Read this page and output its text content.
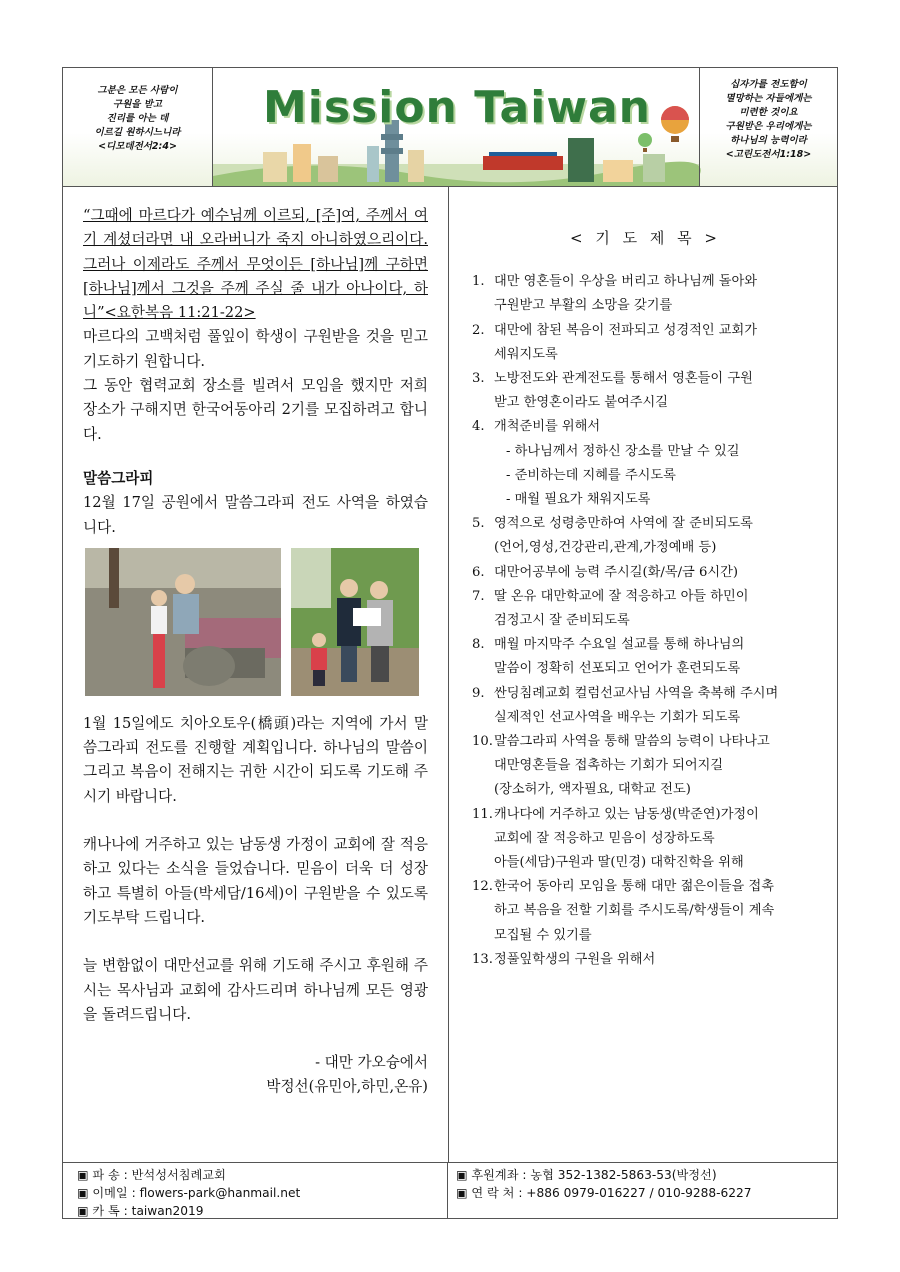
그분은 모든 사람이
구원을 받고
진리를 아는 데
이르길 원하시느니라
<디모데전서2:4>
Mission Taiwan	십자가를 전도함이
멸망하는 자들에게는
미련한 것이요
구원받은 우리에게는
하나님의 능력이라
<고린도전서1:18>

“그때에 마르다가 예수님께 이르되, [주]여, 주께서 여기 계셨더라면 내 오라버니가 죽지 아니하였으리이다. 그러나 이제라도 주께서 무엇이든 [하나님]께 구하면 [하나님]께서 그것을 주께 주실 줄 내가 아나이다, 하니”<요한복음 11:21-22>

마르다의 고백처럼 풀잎이 학생이 구원받을 것을 믿고 기도하기 원합니다.

그 동안 협력교회 장소를 빌려서 모임을 했지만 저희 장소가 구해지면 한국어동아리 2기를 모집하려고 합니다.

말씀그라피

12월 17일 공원에서 말씀그라피 전도 사역을 하였습니다.

1월 15일에도 치아오토우(橋頭)라는 지역에 가서 말씀그라피 전도를 진행할 계획입니다. 하나님의 말씀이 그리고 복음이 전해지는 귀한 시간이 되도록 기도해 주시기 바랍니다.

캐나나에 거주하고 있는 남동생 가정이 교회에 잘 적응하고 있다는 소식을 들었습니다. 믿음이 더욱 더 성장하고 특별히 아들(박세담/16세)이 구원받을 수 있도록 기도부탁 드립니다.

늘 변함없이 대만선교를 위해 기도해 주시고 후원해 주시는 목사님과 교회에 감사드리며 하나님께 모든 영광을 돌려드립니다.

- 대만 가오슝에서

박정선(유민아,하민,온유)

< 기 도 제 목 >
1. 대만 영혼들이 우상을 버리고 하나님께 돌아와
구원받고 부활의 소망을 갖기를
2. 대만에 참된 복음이 전파되고 성경적인 교회가
세워지도록
3. 노방전도와 관계전도를 통해서 영혼들이 구원
받고 한영혼이라도 붙여주시길
4. 개척준비를 위해서
- 하나님께서 정하신 장소를 만날 수 있길
- 준비하는데 지혜를 주시도록
- 매월 필요가 채워지도록
5. 영적으로 성령충만하여 사역에 잘 준비되도록
(언어,영성,건강관리,관계,가정예배 등)
6. 대만어공부에 능력 주시길(화/목/금 6시간)
7. 딸 온유 대만학교에 잘 적응하고 아들 하민이
검정고시 잘 준비되도록
8. 매월 마지막주 수요일 설교를 통해 하나님의
말씀이 정확히 선포되고 언어가 훈련되도록
9. 싼딩침례교회 컬럼선교사님 사역을 축복해 주시며
실제적인 선교사역을 배우는 기회가 되도록
10. 말씀그라피 사역을 통해 말씀의 능력이 나타나고
대만영혼들을 접촉하는 기회가 되어지길
(장소허가, 액자필요, 대학교 전도)
11. 캐나다에 거주하고 있는 남동생(박준연)가정이
교회에 잘 적응하고 믿음이 성장하도록
아들(세담)구원과 딸(민경) 대학진학을 위해
12. 한국어 동아리 모임을 통해 대만 젊은이들을 접촉
하고 복음을 전할 기회를 주시도록/학생들이 계속
모집될 수 있기를
13. 정풀잎학생의 구원을 위해서
▣ 파 송 : 반석성서침례교회
▣ 이메일 : flowers-park@hanmail.net
▣ 카 톡 : taiwan2019
▣ 후원계좌 : 농협 352-1382-5863-53(박정선)
▣ 연 락 처 : +886 0979-016227 / 010-9288-6227
